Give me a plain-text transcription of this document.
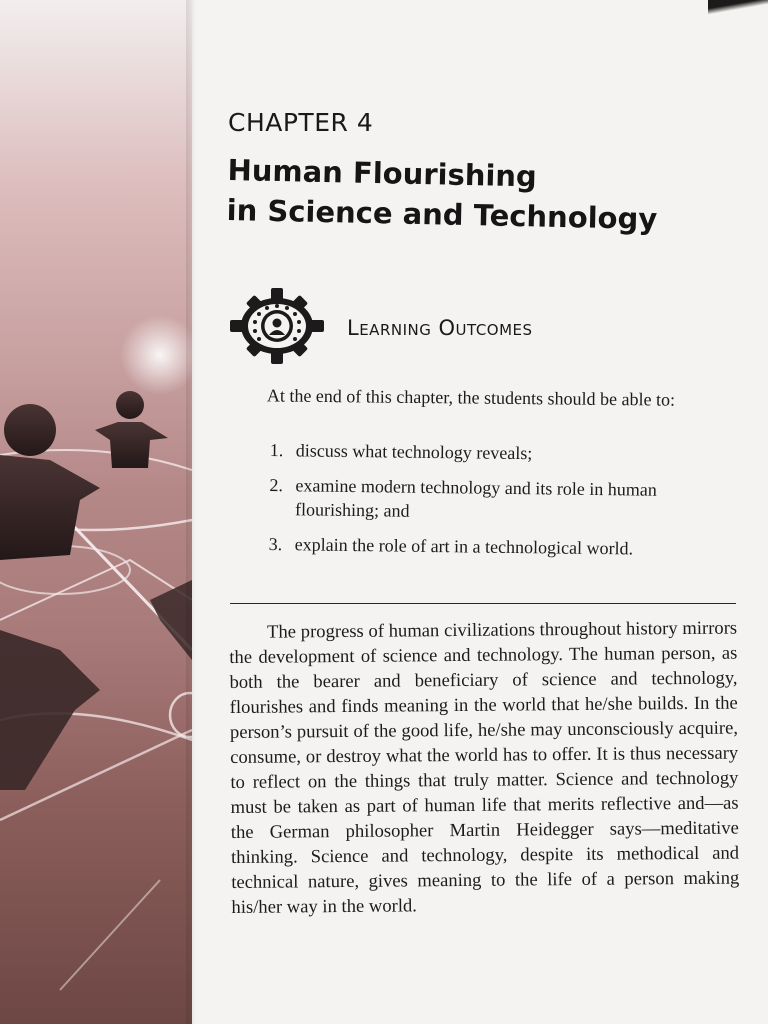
CHAPTER 4
Human Flourishing
in Science and Technology
Learning Outcomes

At the end of this chapter, the students should be able to:

1. discuss what technology reveals;
2. examine modern technology and its role in human flourishing; and
3. explain the role of art in a technological world.

The progress of human civilizations throughout history mirrors the development of science and technology. The human person, as both the bearer and beneficiary of science and technology, flourishes and finds meaning in the world that he/she builds. In the person’s pursuit of the good life, he/she may unconsciously acquire, consume, or destroy what the world has to offer. It is thus necessary to reflect on the things that truly matter. Science and technology must be taken as part of human life that merits reflective and—as the German philosopher Martin Heidegger says—meditative thinking. Science and technology, despite its methodical and technical nature, gives meaning to the life of a person making his/her way in the world.
